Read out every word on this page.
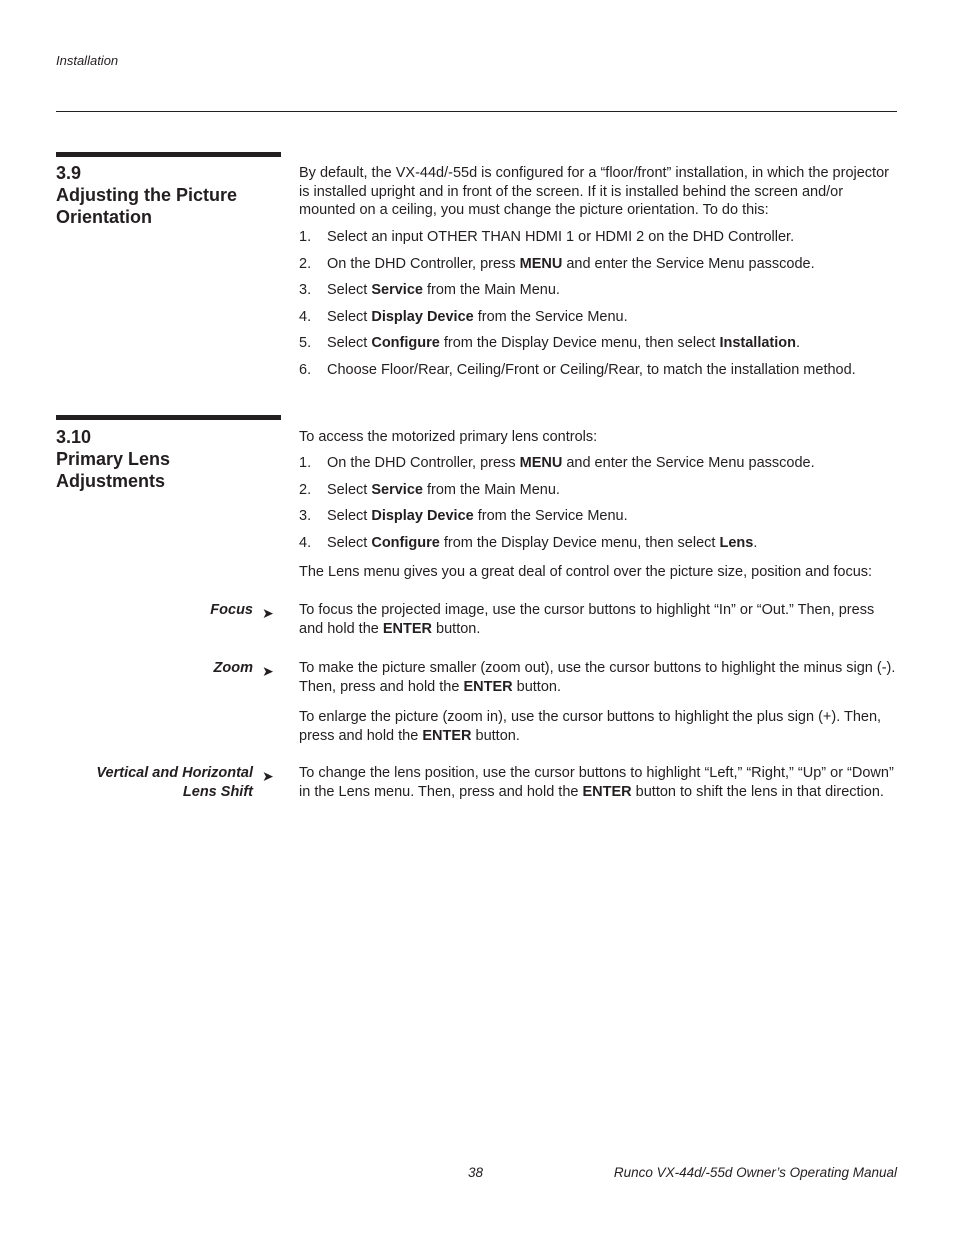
Installation
3.9
Adjusting the Picture
Orientation
By default, the VX-44d/-55d is configured for a “floor/front” installation, in which the projector is installed upright and in front of the screen. If it is installed behind the screen and/or mounted on a ceiling, you must change the picture orientation. To do this:
1. Select an input OTHER THAN HDMI 1 or HDMI 2 on the DHD Controller.
2. On the DHD Controller, press MENU and enter the Service Menu passcode.
3. Select Service from the Main Menu.
4. Select Display Device from the Service Menu.
5. Select Configure from the Display Device menu, then select Installation.
6. Choose Floor/Rear, Ceiling/Front or Ceiling/Rear, to match the installation method.
3.10
Primary Lens
Adjustments
To access the motorized primary lens controls:
1. On the DHD Controller, press MENU and enter the Service Menu passcode.
2. Select Service from the Main Menu.
3. Select Display Device from the Service Menu.
4. Select Configure from the Display Device menu, then select Lens.
The Lens menu gives you a great deal of control over the picture size, position and focus:
Focus ➤ To focus the projected image, use the cursor buttons to highlight “In” or “Out.” Then, press and hold the ENTER button.
Zoom ➤ To make the picture smaller (zoom out), use the cursor buttons to highlight the minus sign (-). Then, press and hold the ENTER button.
To enlarge the picture (zoom in), use the cursor buttons to highlight the plus sign (+). Then, press and hold the ENTER button.
Vertical and Horizontal
Lens Shift
➤ To change the lens position, use the cursor buttons to highlight “Left,” “Right,” “Up” or “Down” in the Lens menu. Then, press and hold the ENTER button to shift the lens in that direction.
38	Runco VX-44d/-55d Owner’s Operating Manual
